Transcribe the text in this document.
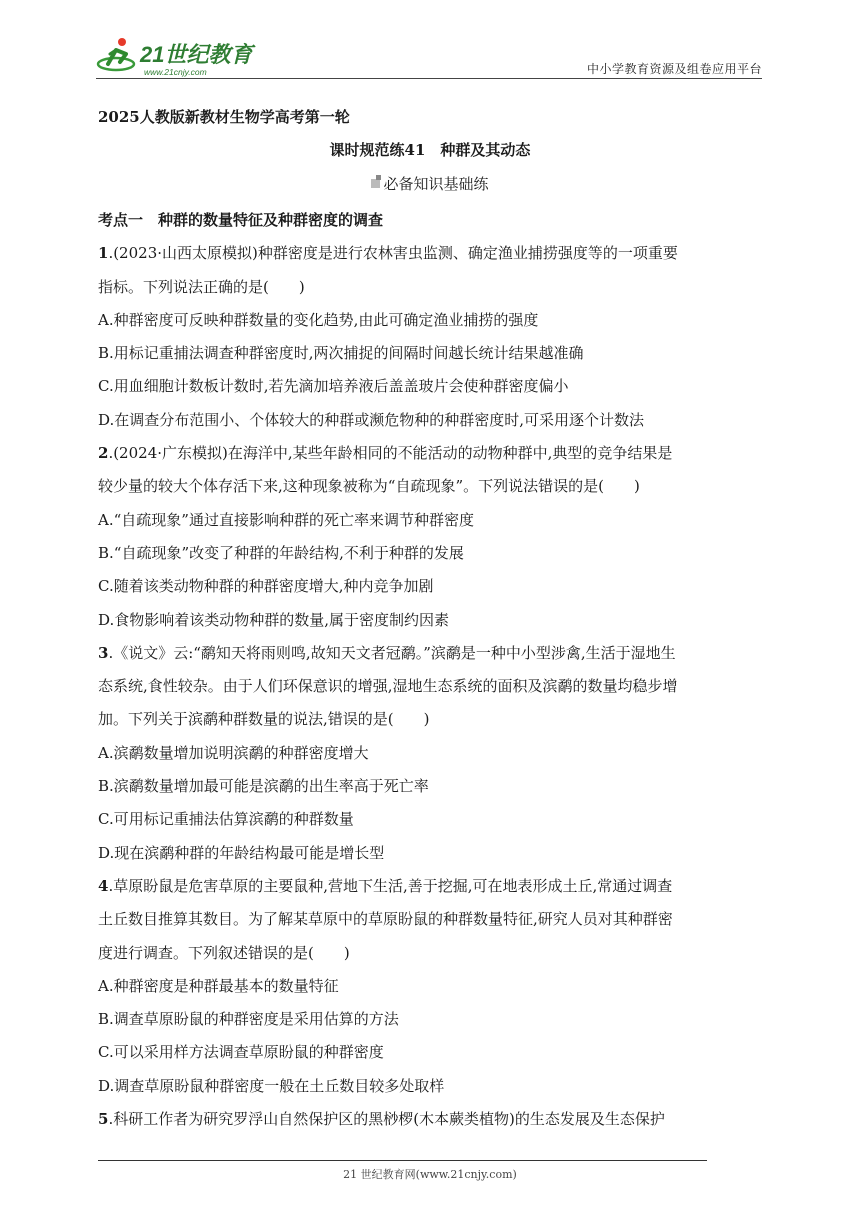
21世纪教育
www.21cnjy.com	中小学教育资源及组卷应用平台
2025人教版新教材生物学高考第一轮
课时规范练41　种群及其动态
必备知识基础练
考点一　种群的数量特征及种群密度的调查
1.(2023·山西太原模拟)种群密度是进行农林害虫监测、确定渔业捕捞强度等的一项重要
指标。下列说法正确的是(　　)
A.种群密度可反映种群数量的变化趋势,由此可确定渔业捕捞的强度
B.用标记重捕法调查种群密度时,两次捕捉的间隔时间越长统计结果越准确
C.用血细胞计数板计数时,若先滴加培养液后盖盖玻片会使种群密度偏小
D.在调查分布范围小、个体较大的种群或濒危物种的种群密度时,可采用逐个计数法
2.(2024·广东模拟)在海洋中,某些年龄相同的不能活动的动物种群中,典型的竞争结果是
较少量的较大个体存活下来,这种现象被称为“自疏现象”。下列说法错误的是(　　)
A.“自疏现象”通过直接影响种群的死亡率来调节种群密度
B.“自疏现象”改变了种群的年龄结构,不利于种群的发展
C.随着该类动物种群的种群密度增大,种内竞争加剧
D.食物影响着该类动物种群的数量,属于密度制约因素
3.《说文》云:“鹬知天将雨则鸣,故知天文者冠鹬。”滨鹬是一种中小型涉禽,生活于湿地生
态系统,食性较杂。由于人们环保意识的增强,湿地生态系统的面积及滨鹬的数量均稳步增
加。下列关于滨鹬种群数量的说法,错误的是(　　)
A.滨鹬数量增加说明滨鹬的种群密度增大
B.滨鹬数量增加最可能是滨鹬的出生率高于死亡率
C.可用标记重捕法估算滨鹬的种群数量
D.现在滨鹬种群的年龄结构最可能是增长型
4.草原盼鼠是危害草原的主要鼠种,营地下生活,善于挖掘,可在地表形成土丘,常通过调查
土丘数目推算其数目。为了解某草原中的草原盼鼠的种群数量特征,研究人员对其种群密
度进行调查。下列叙述错误的是(　　)
A.种群密度是种群最基本的数量特征
B.调查草原盼鼠的种群密度是采用估算的方法
C.可以采用样方法调查草原盼鼠的种群密度
D.调查草原盼鼠种群密度一般在土丘数目较多处取样
5.科研工作者为研究罗浮山自然保护区的黑桫椤(木本蕨类植物)的生态发展及生态保护
21 世纪教育网(www.21cnjy.com)
